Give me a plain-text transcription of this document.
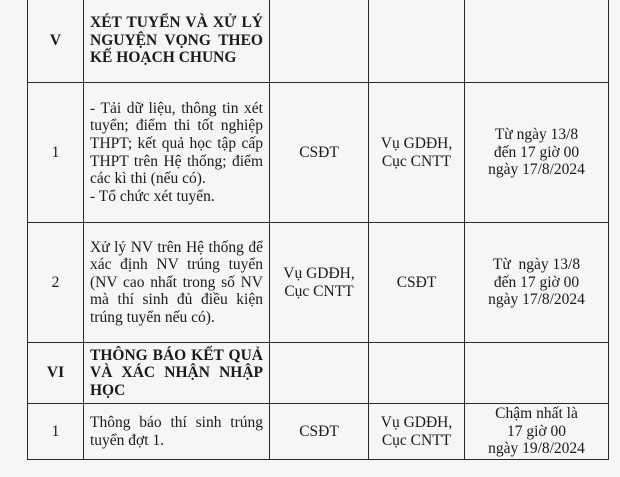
V	XÉT TUYỂN VÀ XỬ LÝ NGUYỆN VỌNG THEO KẾ HOẠCH CHUNG			
1	- Tải dữ liệu, thông tin xét tuyển; điểm thi tốt nghiệp THPT; kết quả học tập cấp THPT trên Hệ thống; điểm các kì thi (nếu có).
- Tổ chức xét tuyển.	CSĐT	Vụ GDĐH, Cục CNTT	Từ ngày 13/8
đến 17 giờ 00
ngày 17/8/2024

2	Xử lý NV trên Hệ thống để xác định NV trúng tuyển (NV cao nhất trong số NV mà thí sinh đủ điều kiện trúng tuyển nếu có).	Vụ GDĐH, Cục CNTT	CSĐT	Từ  ngày 13/8
đến 17 giờ 00
ngày 17/8/2024

VI	THÔNG BÁO KẾT QUẢ VÀ XÁC NHẬN NHẬP HỌC			
1	Thông báo thí sinh trúng tuyển đợt 1.	CSĐT	Vụ GDĐH, Cục CNTT	Chậm nhất là
17 giờ 00
ngày 19/8/2024
